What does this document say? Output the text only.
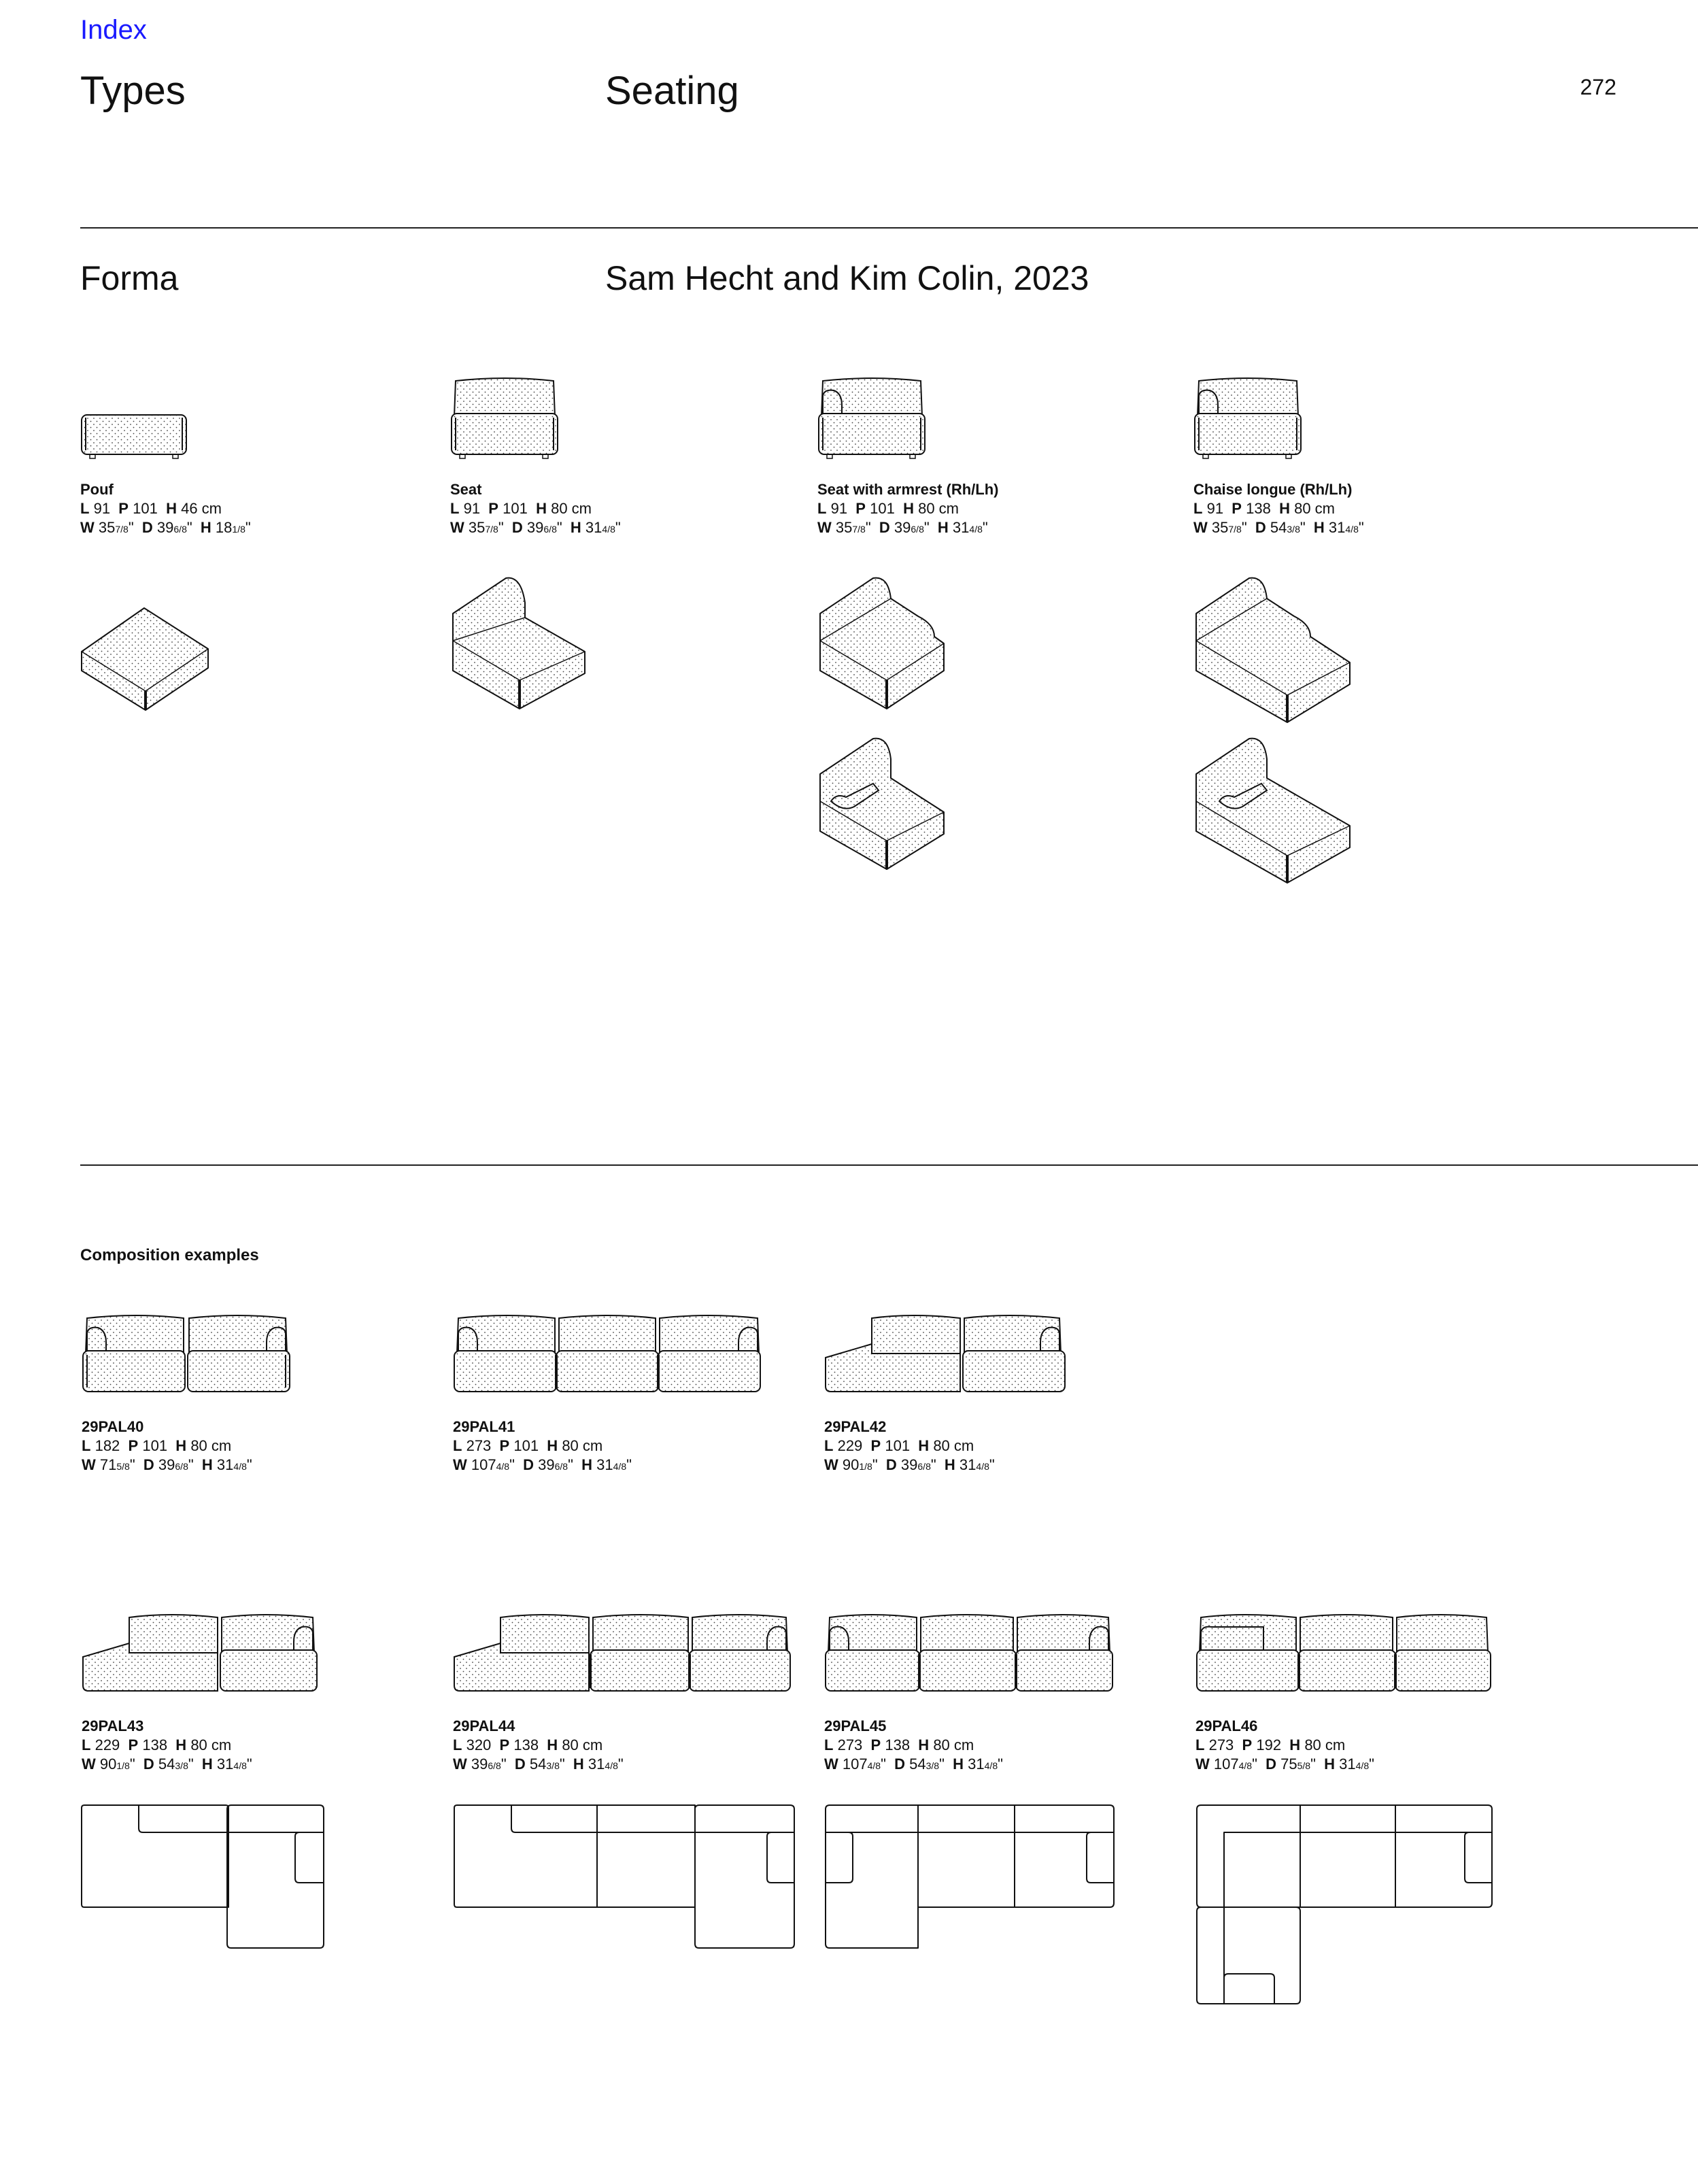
Index
Types	Seating	272
Forma	Sam Hecht and Kim Colin, 2023
Pouf
L 91 P 101 H 46 cm
W 357/8"  D 396/8"  H 181/8"
Seat
L 91 P 101 H 80 cm
W 357/8"  D 396/8"  H 314/8"
Seat with armrest (Rh/Lh)
L 91 P 101 H 80 cm
W 357/8"  D 396/8"  H 314/8"
Chaise longue (Rh/Lh)
L 91 P 138 H 80 cm
W 357/8"  D 543/8"  H 314/8"
Composition examples
29PAL40
L 182 P 101 H 80 cm
W 715/8"  D 396/8"  H 314/8"
29PAL41
L 273 P 101 H 80 cm
W 1074/8"  D 396/8"  H 314/8"
29PAL42
L 229 P 101 H 80 cm
W 901/8"  D 396/8"  H 314/8"
29PAL43
L 229 P 138 H 80 cm
W 901/8"  D 543/8"  H 314/8"
29PAL44
L 320 P 138 H 80 cm
W 396/8"  D 543/8"  H 314/8"
29PAL45
L 273 P 138 H 80 cm
W 1074/8"  D 543/8"  H 314/8"
29PAL46
L 273 P 192 H 80 cm
W 1074/8"  D 755/8"  H 314/8"
